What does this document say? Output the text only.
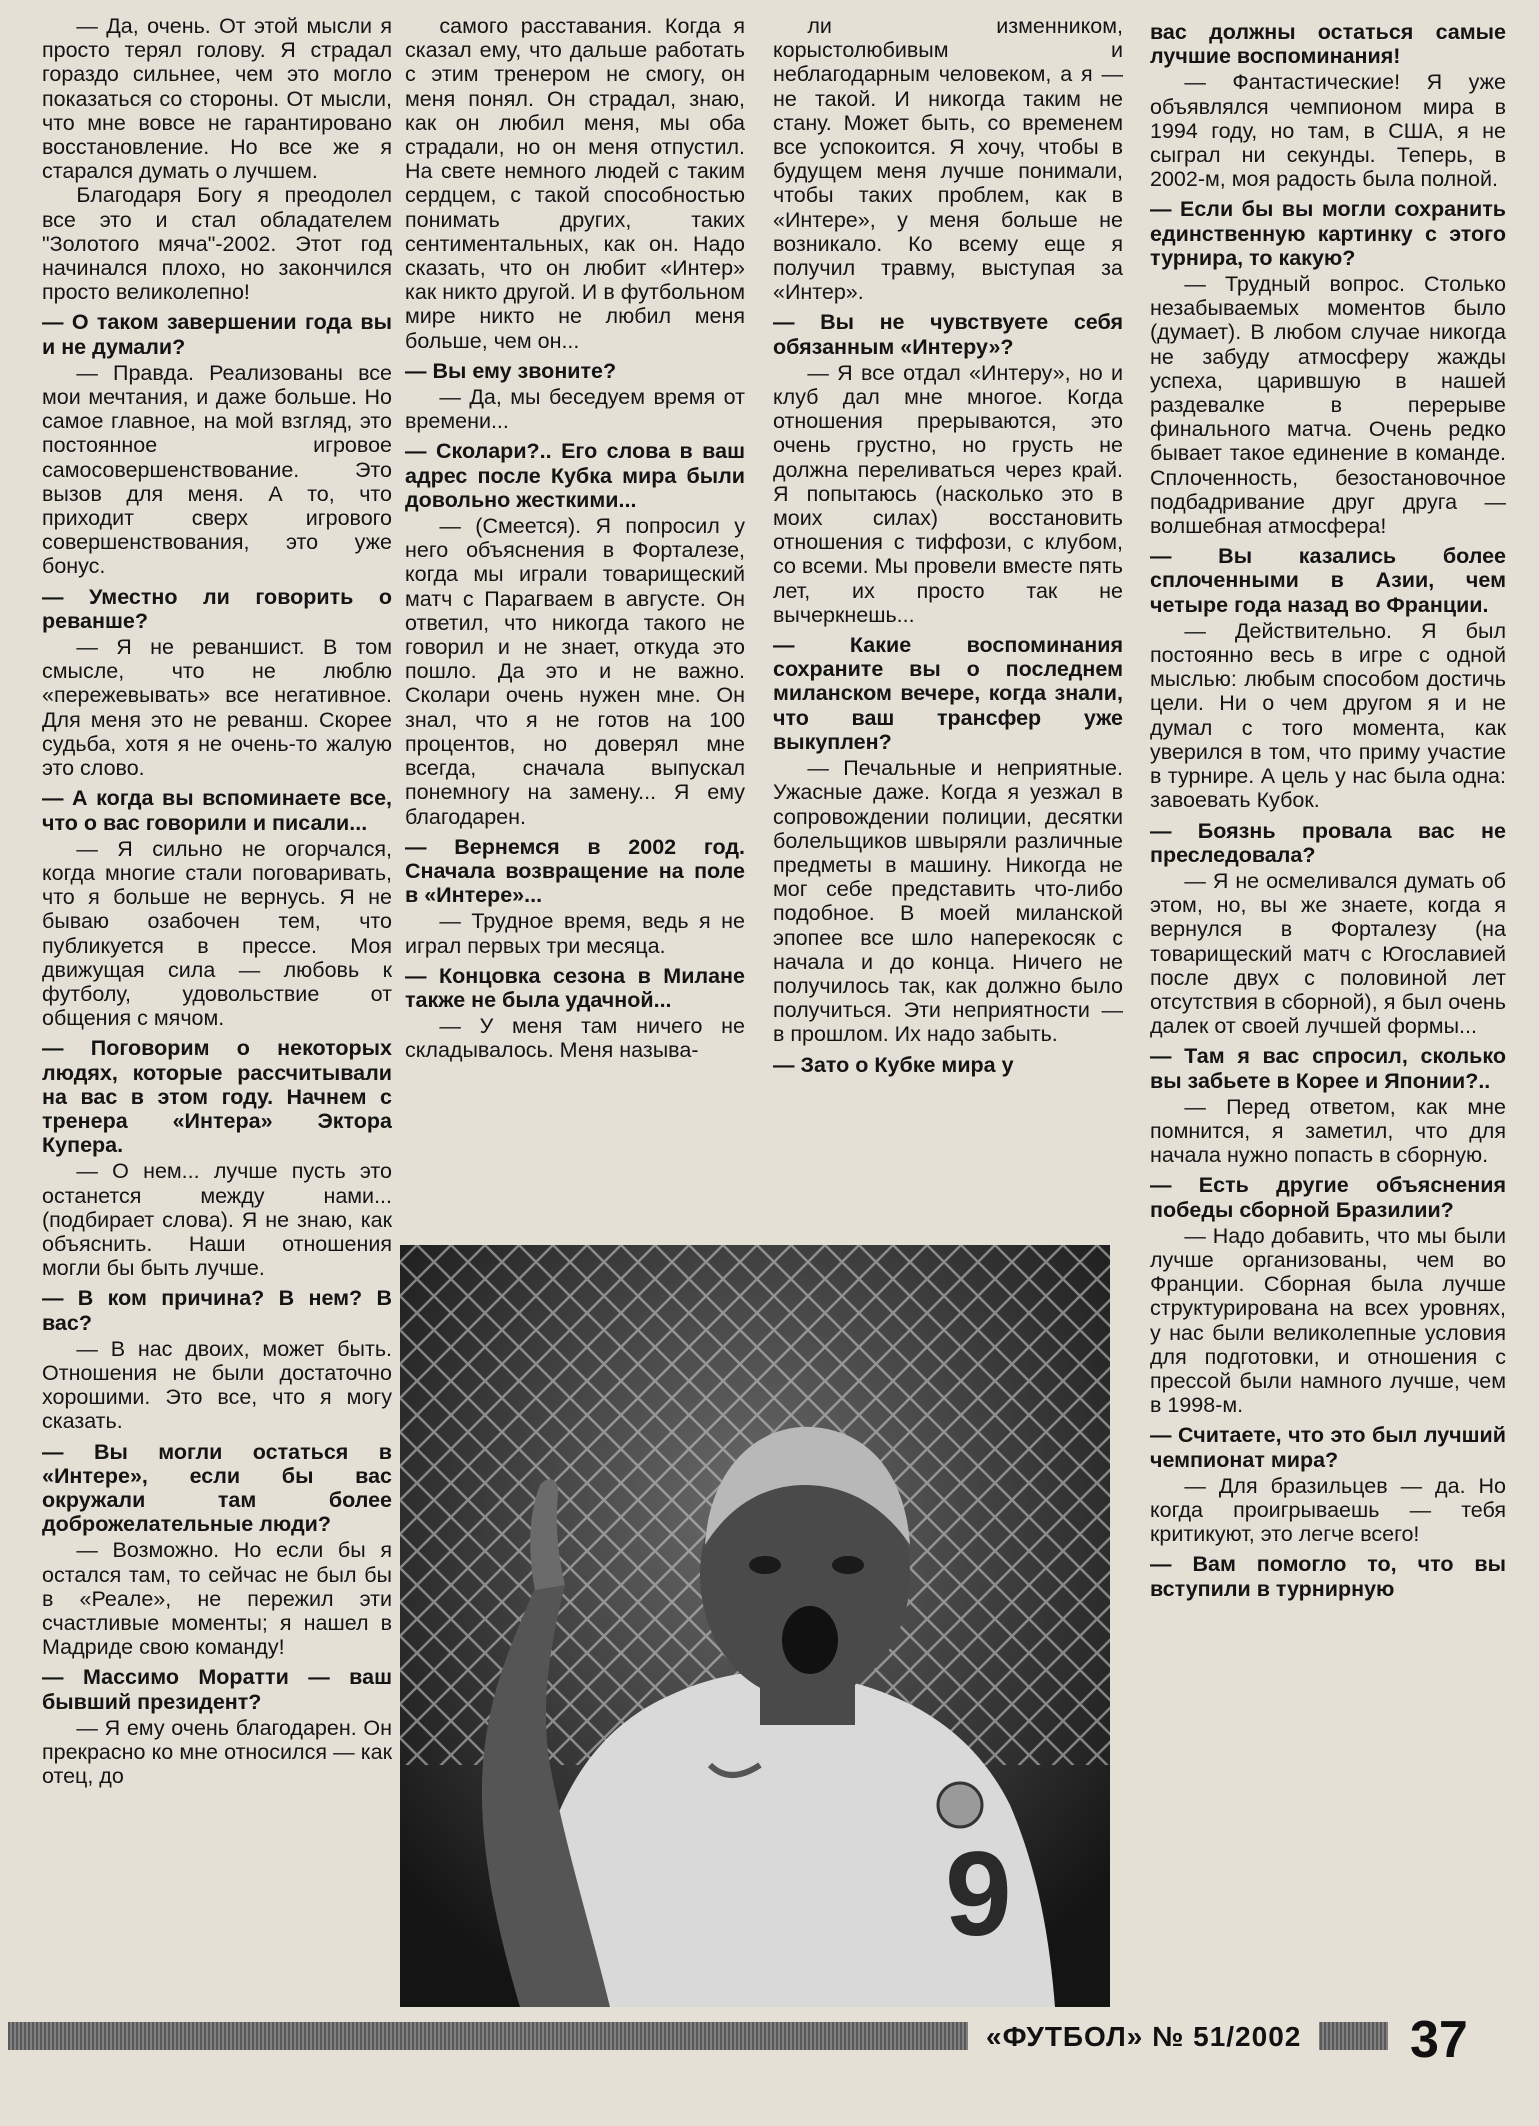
— Да, очень. От этой мысли я просто терял голову. Я страдал гораздо сильнее, чем это могло показаться со стороны. От мысли, что мне вовсе не гарантировано восстановление. Но все же я старался думать о лучшем.

Благодаря Богу я преодолел все это и стал обладателем "Золотого мяча"-2002. Этот год начинался плохо, но закончился просто великолепно!

— О таком завершении года вы и не думали?

— Правда. Реализованы все мои мечтания, и даже больше. Но самое главное, на мой взгляд, это постоянное игровое самосовершенствование. Это вызов для меня. А то, что приходит сверх игрового совершенствования, это уже бонус.

— Уместно ли говорить о реванше?

— Я не реваншист. В том смысле, что не люблю «пережевывать» все негативное. Для меня это не реванш. Скорее судьба, хотя я не очень-то жалую это слово.

— А когда вы вспоминаете все, что о вас говорили и писали...

— Я сильно не огорчался, когда многие стали поговаривать, что я больше не вернусь. Я не бываю озабочен тем, что публикуется в прессе. Моя движущая сила — любовь к футболу, удовольствие от общения с мячом.

— Поговорим о некоторых людях, которые рассчитывали на вас в этом году. Начнем с тренера «Интера» Эктора Купера.

— О нем... лучше пусть это останется между нами... (подбирает слова). Я не знаю, как объяснить. Наши отношения могли бы быть лучше.

— В ком причина? В нем? В вас?

— В нас двоих, может быть. Отношения не были достаточно хорошими. Это все, что я могу сказать.

— Вы могли остаться в «Интере», если бы вас окружали там более доброжелательные люди?

— Возможно. Но если бы я остался там, то сейчас не был бы в «Реале», не пережил эти счастливые моменты; я нашел в Мадриде свою команду!

— Массимо Моратти — ваш бывший президент?

— Я ему очень благодарен. Он прекрасно ко мне относился — как отец, до

самого расставания. Когда я сказал ему, что дальше работать с этим тренером не смогу, он меня понял. Он страдал, знаю, как он любил меня, мы оба страдали, но он меня отпустил. На свете немного людей с таким сердцем, с такой способностью понимать других, таких сентиментальных, как он. Надо сказать, что он любит «Интер» как никто другой. И в футбольном мире никто не любил меня больше, чем он...

— Вы ему звоните?

— Да, мы беседуем время от времени...

— Сколари?.. Его слова в ваш адрес после Кубка мира были довольно жесткими...

— (Смеется). Я попросил у него объяснения в Форталезе, когда мы играли товарищеский матч с Парагваем в августе. Он ответил, что никогда такого не говорил и не знает, откуда это пошло. Да это и не важно. Сколари очень нужен мне. Он знал, что я не готов на 100 процентов, но доверял мне всегда, сначала выпускал понемногу на замену... Я ему благодарен.

— Вернемся в 2002 год. Сначала возвращение на поле в «Интере»...

— Трудное время, ведь я не играл первых три месяца.

— Концовка сезона в Милане также не была удачной...

— У меня там ничего не складывалось. Меня называ-

ли изменником, корыстолюбивым и неблагодарным человеком, а я — не такой. И никогда таким не стану. Может быть, со временем все успокоится. Я хочу, чтобы в будущем меня лучше понимали, чтобы таких проблем, как в «Интере», у меня больше не возникало. Ко всему еще я получил травму, выступая за «Интер».

— Вы не чувствуете себя обязанным «Интеру»?

— Я все отдал «Интеру», но и клуб дал мне многое. Когда отношения прерываются, это очень грустно, но грусть не должна переливаться через край. Я попытаюсь (насколько это в моих силах) восстановить отношения с тиффози, с клубом, со всеми. Мы провели вместе пять лет, их просто так не вычеркнешь...

— Какие воспоминания сохраните вы о последнем миланском вечере, когда знали, что ваш трансфер уже выкуплен?

— Печальные и неприятные. Ужасные даже. Когда я уезжал в сопровождении полиции, десятки болельщиков швыряли различные предметы в машину. Никогда не мог себе представить что-либо подобное. В моей миланской эпопее все шло наперекосяк с начала и до конца. Ничего не получилось так, как должно было получиться. Эти неприятности — в прошлом. Их надо забыть.

— Зато о Кубке мира у

вас должны остаться самые лучшие воспоминания!

— Фантастические! Я уже объявлялся чемпионом мира в 1994 году, но там, в США, я не сыграл ни секунды. Теперь, в 2002-м, моя радость была полной.

— Если бы вы могли сохранить единственную картинку с этого турнира, то какую?

— Трудный вопрос. Столько незабываемых моментов было (думает). В любом случае никогда не забуду атмосферу жажды успеха, царившую в нашей раздевалке в перерыве финального матча. Очень редко бывает такое единение в команде. Сплоченность, безостановочное подбадривание друг друга — волшебная атмосфера!

— Вы казались более сплоченными в Азии, чем четыре года назад во Франции.

— Действительно. Я был постоянно весь в игре с одной мыслью: любым способом достичь цели. Ни о чем другом я и не думал с того момента, как уверился в том, что приму участие в турнире. А цель у нас была одна: завоевать Кубок.

— Боязнь провала вас не преследовала?

— Я не осмеливался думать об этом, но, вы же знаете, когда я вернулся в Форталезу (на товарищеский матч с Югославией после двух с половиной лет отсутствия в сборной), я был очень далек от своей лучшей формы...

— Там я вас спросил, сколько вы забьете в Корее и Японии?..

— Перед ответом, как мне помнится, я заметил, что для начала нужно попасть в сборную.

— Есть другие объяснения победы сборной Бразилии?

— Надо добавить, что мы были лучше организованы, чем во Франции. Сборная была лучше структурирована на всех уровнях, у нас были великолепные условия для подготовки, и отношения с прессой были намного лучше, чем в 1998-м.

— Считаете, что это был лучший чемпионат мира?

— Для бразильцев — да. Но когда проигрываешь — тебя критикуют, это легче всего!

— Вам помогло то, что вы вступили в турнирную

9
«ФУТБОЛ» № 51/2002	37
